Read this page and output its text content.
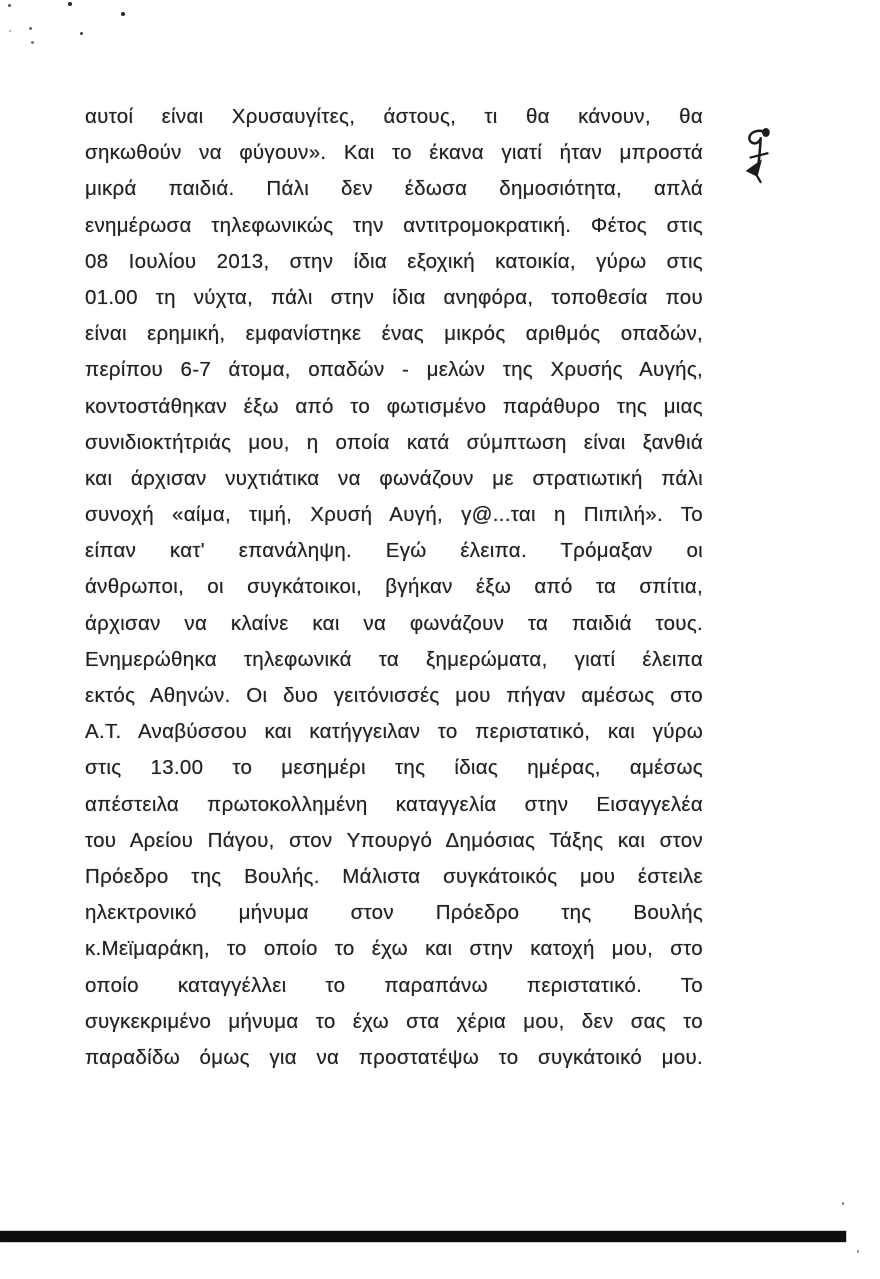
αυτοί είναι Χρυσαυγίτες, άστους, τι θα κάνουν, θα
σηκωθούν να φύγουν». Και το έκανα γιατί ήταν μπροστά
μικρά παιδιά. Πάλι δεν έδωσα δημοσιότητα, απλά
ενημέρωσα τηλεφωνικώς την αντιτρομοκρατική. Φέτος στις
08 Ιουλίου 2013, στην ίδια εξοχική κατοικία, γύρω στις
01.00 τη νύχτα, πάλι στην ίδια ανηφόρα, τοποθεσία που
είναι ερημική, εμφανίστηκε ένας μικρός αριθμός οπαδών,
περίπου 6-7 άτομα, οπαδών - μελών της Χρυσής Αυγής,
κοντοστάθηκαν έξω από το φωτισμένο παράθυρο της μιας
συνιδιοκτήτριάς μου, η οποία κατά σύμπτωση είναι ξανθιά
και άρχισαν νυχτιάτικα να φωνάζουν με στρατιωτική πάλι
συνοχή «αίμα, τιμή, Χρυσή Αυγή, γ@...ται η Πιπιλή». Το
είπαν κατ' επανάληψη. Εγώ έλειπα. Τρόμαξαν οι
άνθρωποι, οι συγκάτοικοι, βγήκαν έξω από τα σπίτια,
άρχισαν να κλαίνε και να φωνάζουν τα παιδιά τους.
Ενημερώθηκα τηλεφωνικά τα ξημερώματα, γιατί έλειπα
εκτός Αθηνών. Οι δυο γειτόνισσές μου πήγαν αμέσως στο
Α.Τ. Αναβύσσου και κατήγγειλαν το περιστατικό, και γύρω
στις 13.00 το μεσημέρι της ίδιας ημέρας, αμέσως
απέστειλα πρωτοκολλημένη καταγγελία στην Εισαγγελέα
του Αρείου Πάγου, στον Υπουργό Δημόσιας Τάξης και στον
Πρόεδρο της Βουλής. Μάλιστα συγκάτοικός μου έστειλε
ηλεκτρονικό μήνυμα στον Πρόεδρο της Βουλής
κ.Μεϊμαράκη, το οποίο το έχω και στην κατοχή μου, στο
οποίο καταγγέλλει το παραπάνω περιστατικό. Το
συγκεκριμένο μήνυμα το έχω στα χέρια μου, δεν σας το
παραδίδω όμως για να προστατέψω το συγκάτοικό μου.
